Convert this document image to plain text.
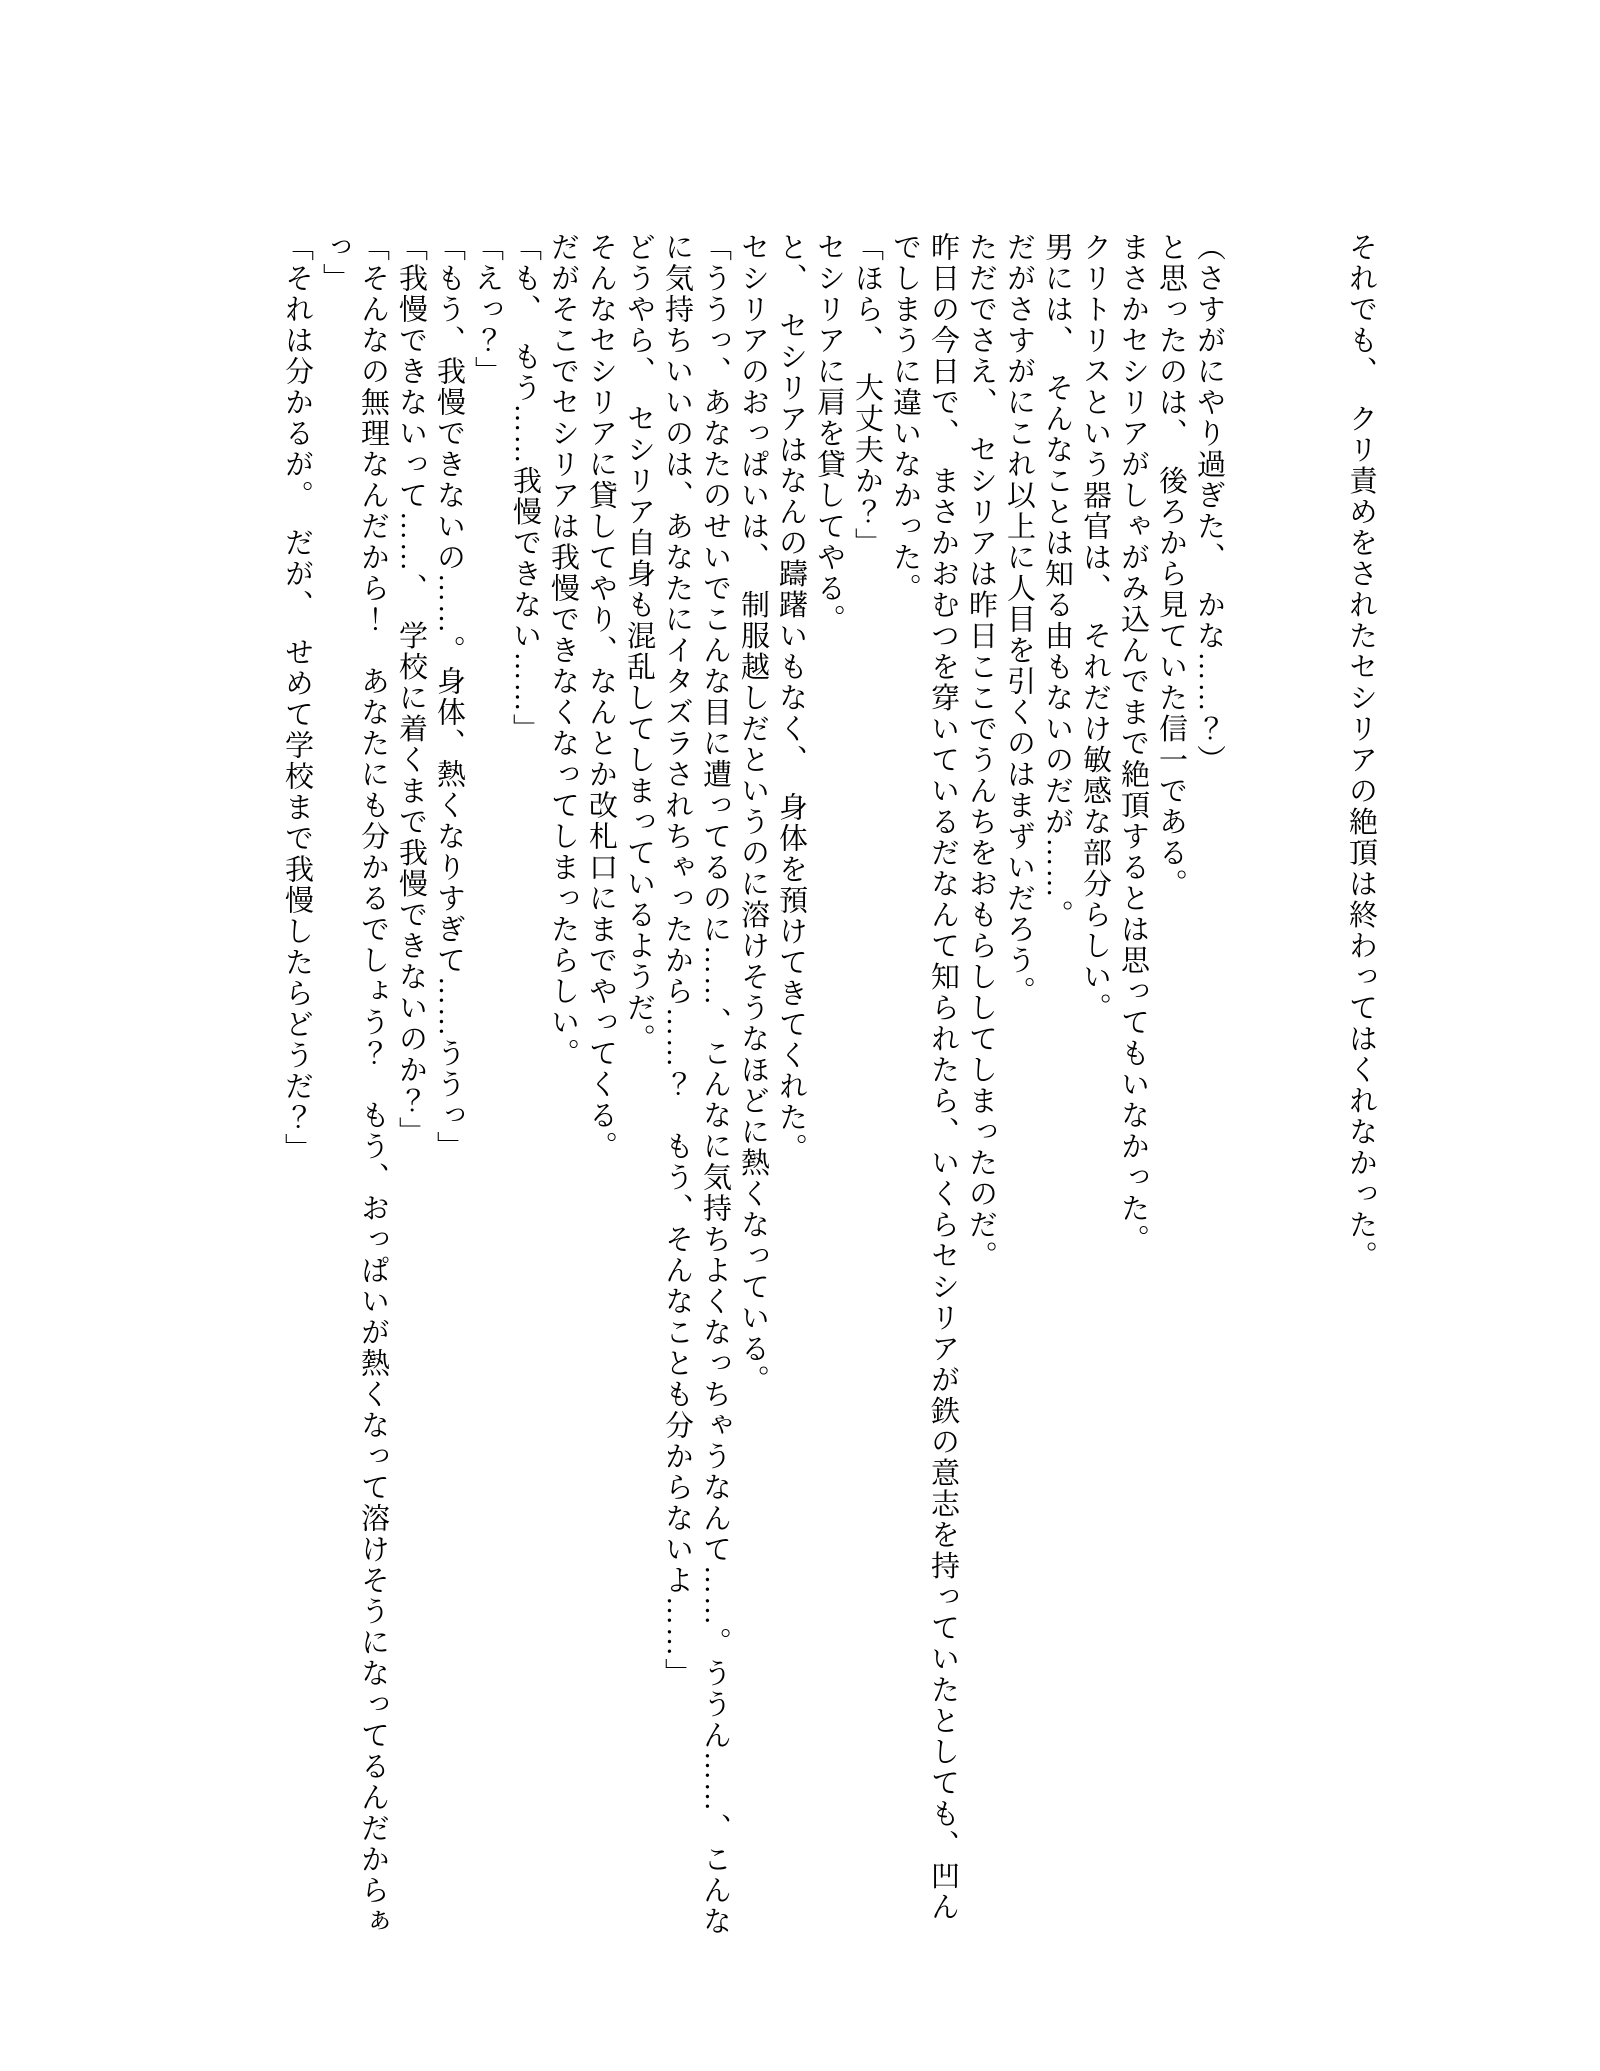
それでも、　クリ責めをされたセシリアの絶頂は終わってはくれなかった。

（さすがにやり過ぎた、　かな……？）

と思ったのは、　後ろから見ていた信一である。

まさかセシリアがしゃがみ込んでまで絶頂するとは思ってもいなかった。

クリトリスという器官は、　それだけ敏感な部分らしい。

男には、　そんなことは知る由もないのだが……。

だがさすがにこれ以上に人目を引くのはまずいだろう。

ただでさえ、　セシリアは昨日ここでうんちをおもらししてしまったのだ。

昨日の今日で、　まさかおむつを穿いているだなんて知られたら、いくらセシリアが鉄の意志を持っていたとしても、凹んでしまうに違いなかった。

「ほら、　大丈夫か？」

セシリアに肩を貸してやる。

と、　セシリアはなんの躊躇いもなく、　身体を預けてきてくれた。

セシリアのおっぱいは、　制服越しだというのに溶けそうなほどに熱くなっている。

「ううっ、あなたのせいでこんな目に遭ってるのに……、こんなに気持ちよくなっちゃうなんて……。ううん……、こんなに気持ちいいのは、あなたにイタズラされちゃったから……？　もう、そんなことも分からないよ……」

どうやら、　セシリア自身も混乱してしまっているようだ。

そんなセシリアに貸してやり、なんとか改札口にまでやってくる。

だがそこでセシリアは我慢できなくなってしまったらしい。

「も、　もう……我慢できない……」

「えっ？」

「もう、我慢できないの……。身体、熱くなりすぎて……ううっ」

「我慢できないって……、　学校に着くまで我慢できないのか？」

「そんなの無理なんだから！　あなたにも分かるでしょう？　もう、おっぱいが熱くなって溶けそうになってるんだからぁっ」

「それは分かるが。　だが、　せめて学校まで我慢したらどうだ？」
